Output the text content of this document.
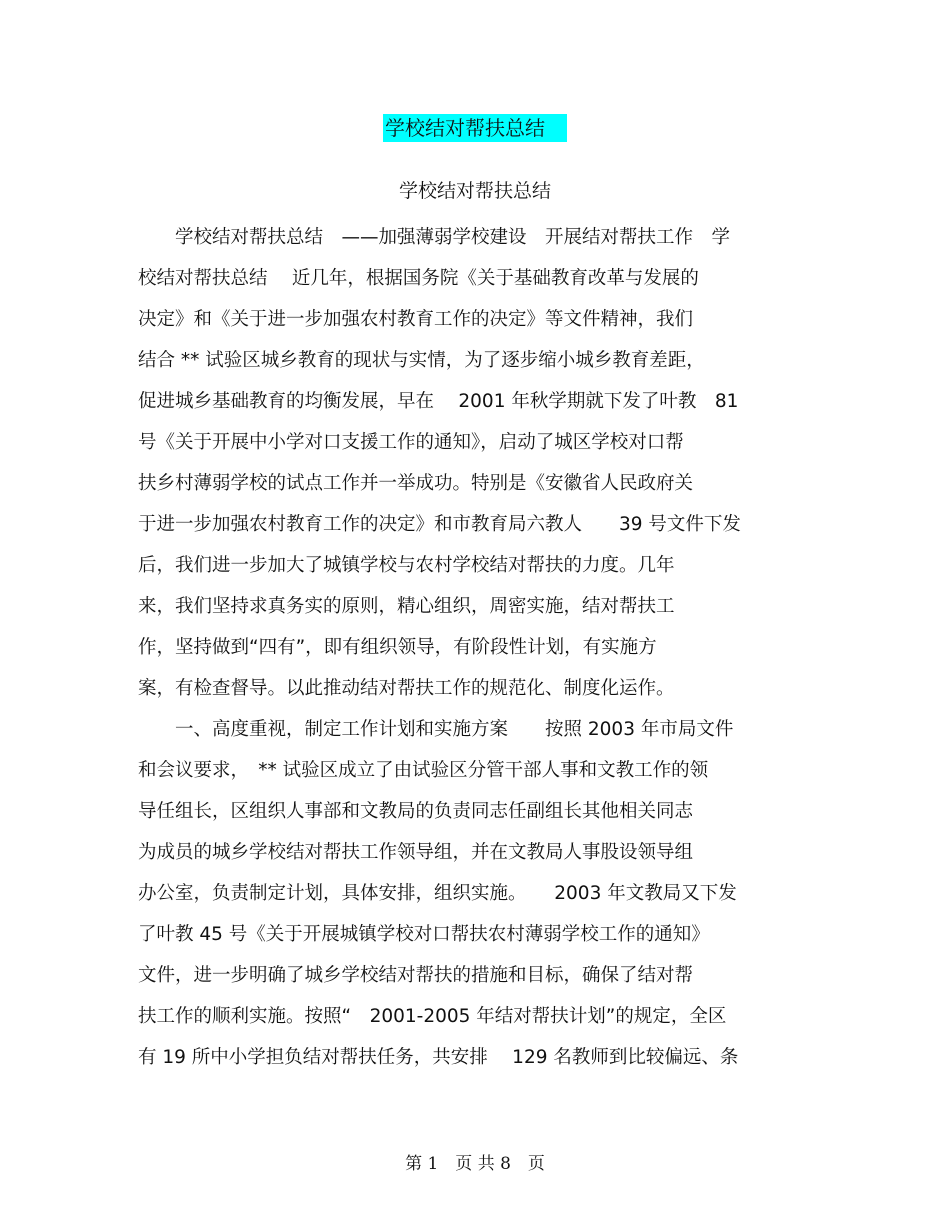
学校结对帮扶总结
学校结对帮扶总结
　　学校结对帮扶总结　——加强薄弱学校建设　开展结对帮扶工作　学
校结对帮扶总结　 近几年，根据国务院《关于基础教育改革与发展的
决定》和《关于进一步加强农村教育工作的决定》等文件精神，我们
结合 ** 试验区城乡教育的现状与实情，为了逐步缩小城乡教育差距，
促进城乡基础教育的均衡发展，早在　 2001 年秋学期就下发了叶教　81
号《关于开展中小学对口支援工作的通知》，启动了城区学校对口帮
扶乡村薄弱学校的试点工作并一举成功。特别是《安徽省人民政府关
于进一步加强农村教育工作的决定》和市教育局六教人　　39 号文件下发
后，我们进一步加大了城镇学校与农村学校结对帮扶的力度。几年
来，我们坚持求真务实的原则，精心组织，周密实施，结对帮扶工
作，坚持做到“四有”，即有组织领导，有阶段性计划，有实施方
案，有检查督导。以此推动结对帮扶工作的规范化、制度化运作。
　　一、高度重视，制定工作计划和实施方案　　按照 2003 年市局文件
和会议要求，　** 试验区成立了由试验区分管干部人事和文教工作的领
导任组长，区组织人事部和文教局的负责同志任副组长其他相关同志
为成员的城乡学校结对帮扶工作领导组，并在文教局人事股设领导组
办公室，负责制定计划，具体安排，组织实施。　　2003 年文教局又下发
了叶教 45 号《关于开展城镇学校对口帮扶农村薄弱学校工作的通知》
文件，进一步明确了城乡学校结对帮扶的措施和目标，确保了结对帮
扶工作的顺利实施。按照“　2001-2005 年结对帮扶计划”的规定，全区
有 19 所中小学担负结对帮扶任务，共安排　 129 名教师到比较偏远、条
第 1　页 共 8　页
